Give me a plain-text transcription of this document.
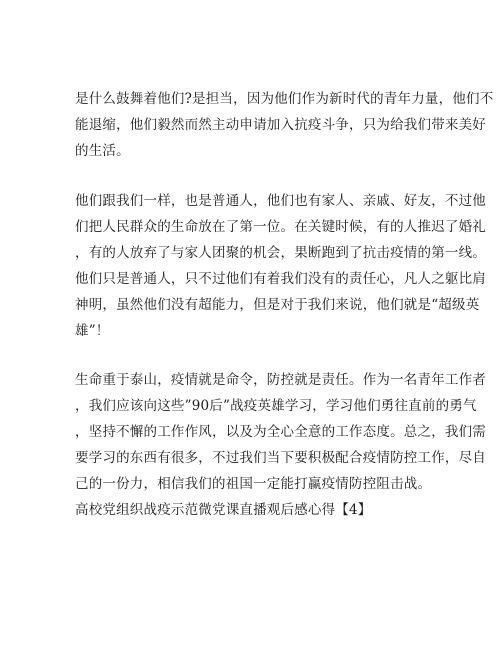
是什么鼓舞着他们?是担当，因为他们作为新时代的青年力量，他们不
能退缩，他们毅然而然主动申请加入抗疫斗争，只为给我们带来美好
的生活。

他们跟我们一样，也是普通人，他们也有家人、亲戚、好友，不过他
们把人民群众的生命放在了第一位。在关键时候，有的人推迟了婚礼
，有的人放弃了与家人团聚的机会，果断跑到了抗击疫情的第一线。
他们只是普通人，只不过他们有着我们没有的责任心，凡人之躯比肩
神明，虽然他们没有超能力，但是对于我们来说，他们就是“超级英
雄”！

生命重于泰山，疫情就是命令，防控就是责任。作为一名青年工作者
，我们应该向这些”90后”战疫英雄学习，学习他们勇往直前的勇气
，坚持不懈的工作作风，以及为全心全意的工作态度。总之，我们需
要学习的东西有很多，不过我们当下要积极配合疫情防控工作，尽自
己的一份力，相信我们的祖国一定能打赢疫情防控阻击战。

高校党组织战疫示范微党课直播观后感心得【4】
